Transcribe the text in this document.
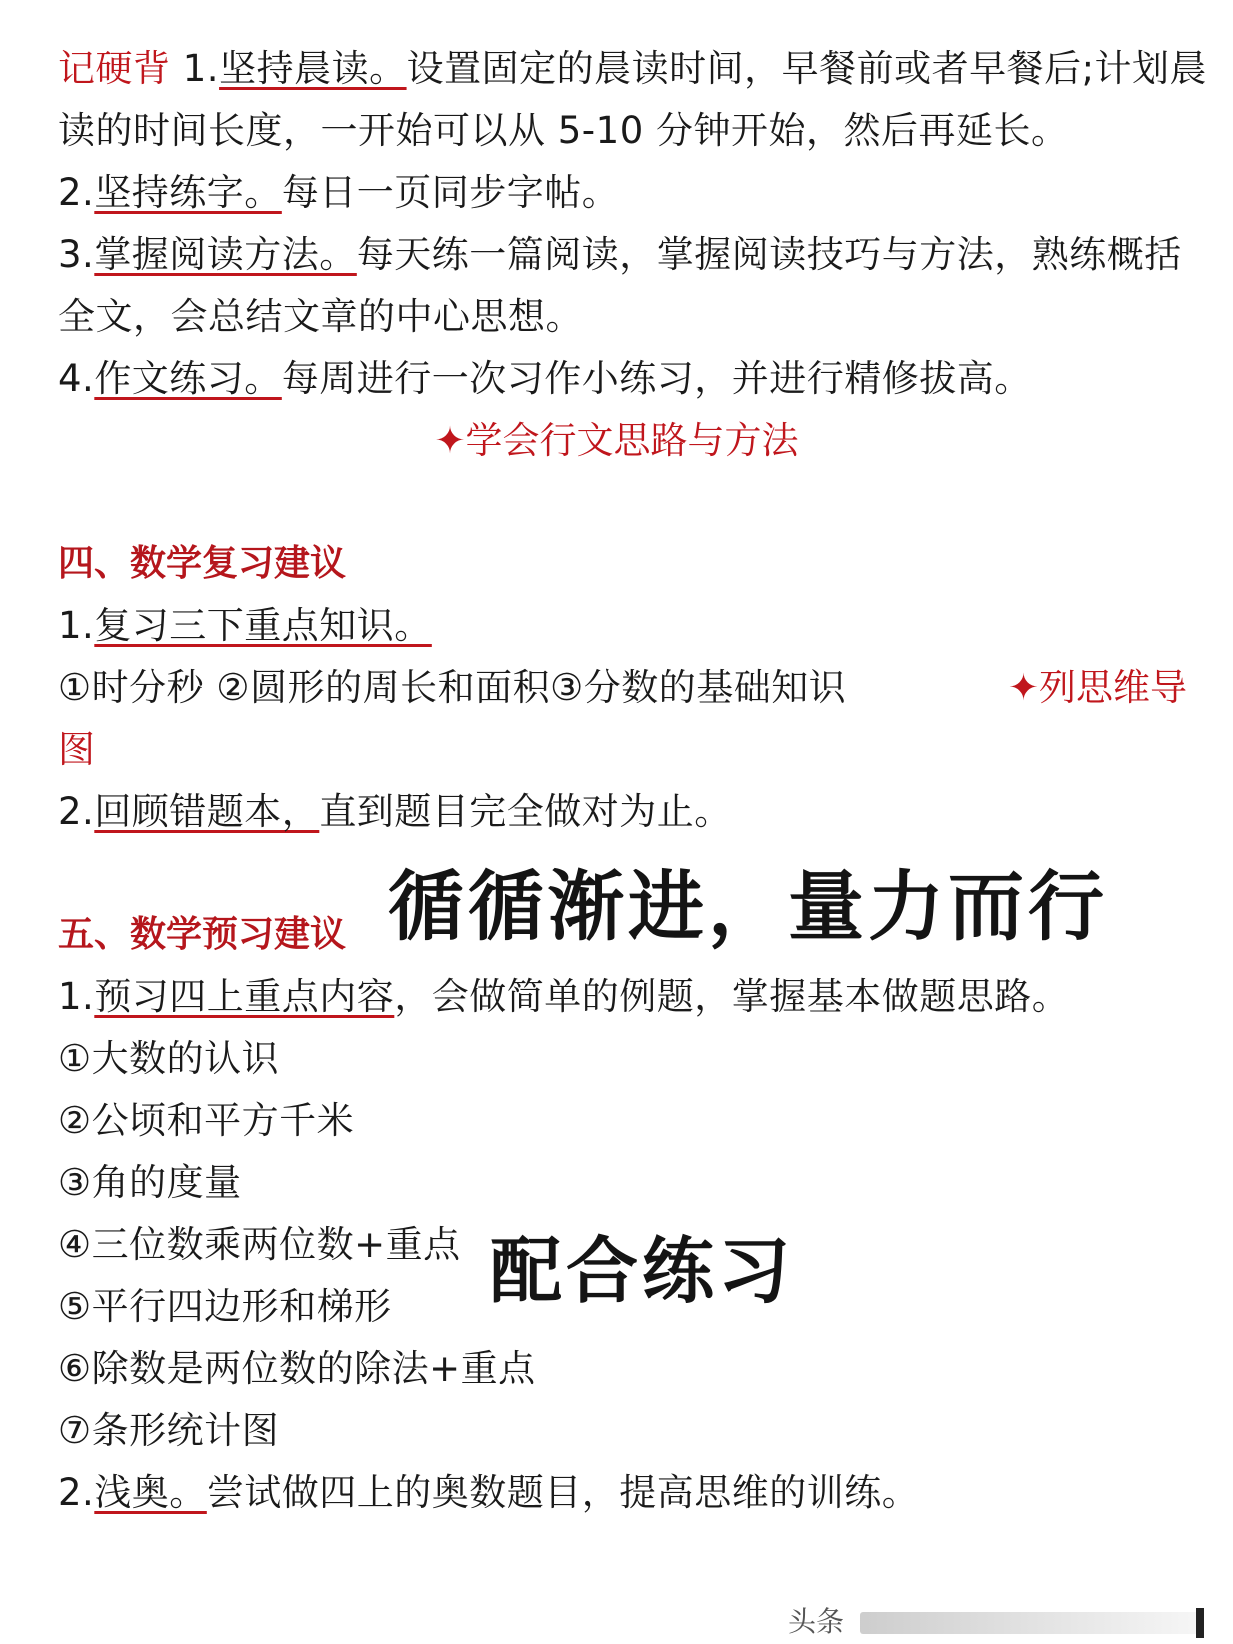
记硬背 1.坚持晨读。设置固定的晨读时间，早餐前或者早餐后;计划晨
读的时间长度，一开始可以从 5-10 分钟开始，然后再延长。
2.坚持练字。每日一页同步字帖。
3.掌握阅读方法。每天练一篇阅读，掌握阅读技巧与方法，熟练概括
全文，会总结文章的中心思想。
4.作文练习。每周进行一次习作小练习，并进行精修拔高。
✦学会行文思路与方法
四、数学复习建议
1.复习三下重点知识。
①时分秒 ②圆形的周长和面积③分数的基础知识	✦列思维导
图
2.回顾错题本，直到题目完全做对为止。
循循渐进，量力而行
五、数学预习建议
1.预习四上重点内容，会做简单的例题，掌握基本做题思路。
①大数的认识
②公顷和平方千米
③角的度量
④三位数乘两位数+重点
⑤平行四边形和梯形
⑥除数是两位数的除法+重点
⑦条形统计图
配合练习
2.浅奥。尝试做四上的奥数题目，提高思维的训练。
头条
